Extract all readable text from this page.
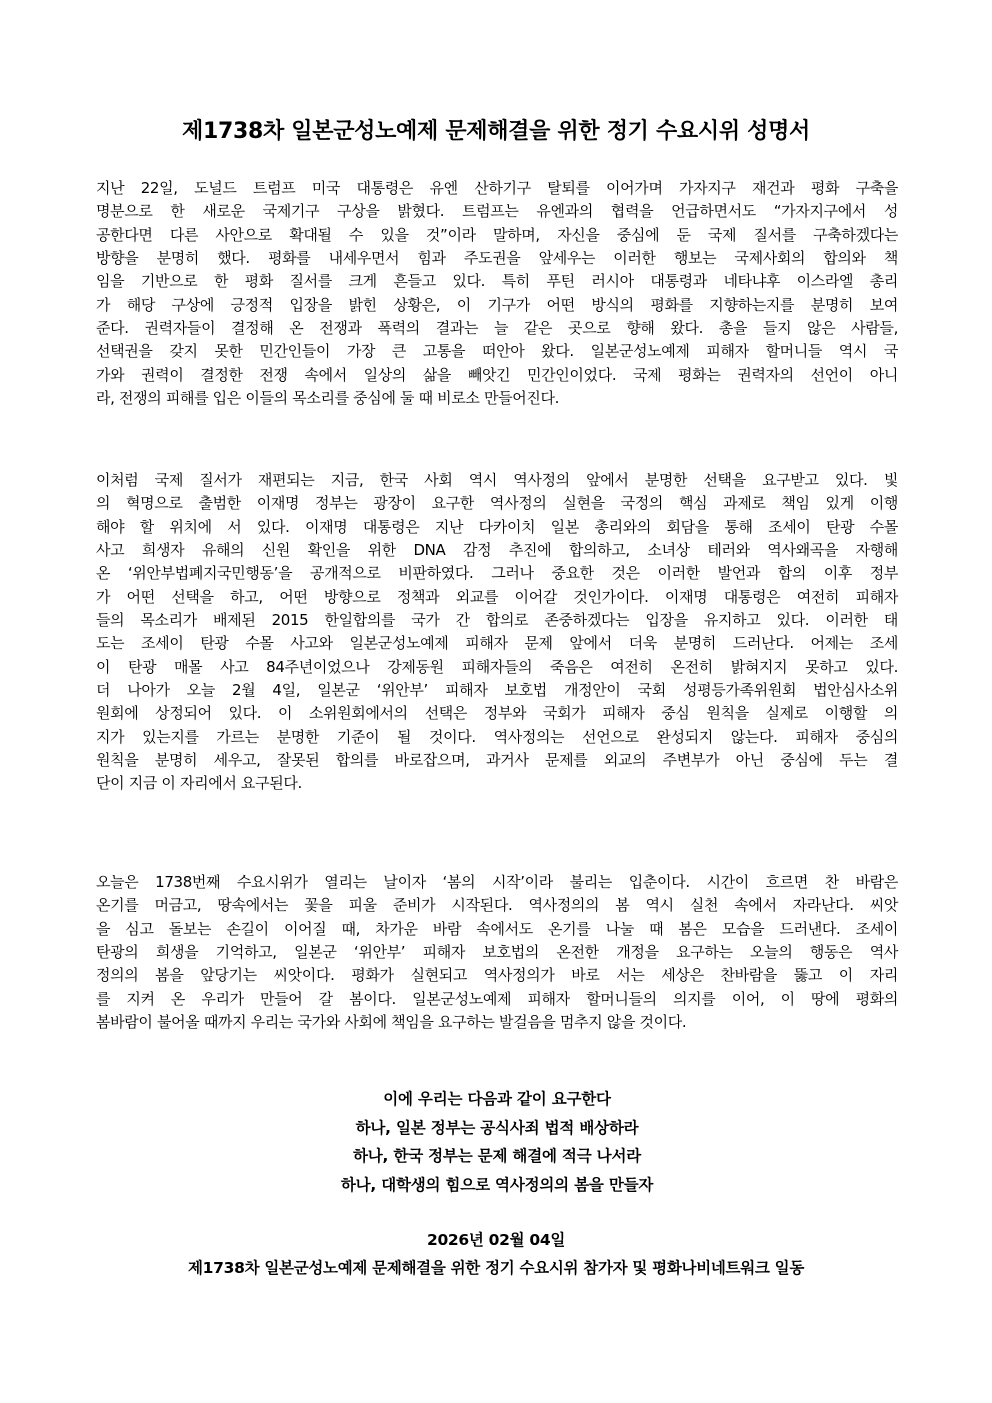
제1738차 일본군성노예제 문제해결을 위한 정기 수요시위 성명서
지난 22일, 도널드 트럼프 미국 대통령은 유엔 산하기구 탈퇴를 이어가며 가자지구 재건과 평화 구축을
명분으로 한 새로운 국제기구 구상을 밝혔다. 트럼프는 유엔과의 협력을 언급하면서도 “가자지구에서 성
공한다면 다른 사안으로 확대될 수 있을 것”이라 말하며, 자신을 중심에 둔 국제 질서를 구축하겠다는
방향을 분명히 했다. 평화를 내세우면서 힘과 주도권을 앞세우는 이러한 행보는 국제사회의 합의와 책
임을 기반으로 한 평화 질서를 크게 흔들고 있다. 특히 푸틴 러시아 대통령과 네타냐후 이스라엘 총리
가 해당 구상에 긍정적 입장을 밝힌 상황은, 이 기구가 어떤 방식의 평화를 지향하는지를 분명히 보여
준다. 권력자들이 결정해 온 전쟁과 폭력의 결과는 늘 같은 곳으로 향해 왔다. 총을 들지 않은 사람들,
선택권을 갖지 못한 민간인들이 가장 큰 고통을 떠안아 왔다. 일본군성노예제 피해자 할머니들 역시 국
가와 권력이 결정한 전쟁 속에서 일상의 삶을 빼앗긴 민간인이었다. 국제 평화는 권력자의 선언이 아니
라, 전쟁의 피해를 입은 이들의 목소리를 중심에 둘 때 비로소 만들어진다.
이처럼 국제 질서가 재편되는 지금, 한국 사회 역시 역사정의 앞에서 분명한 선택을 요구받고 있다. 빛
의 혁명으로 출범한 이재명 정부는 광장이 요구한 역사정의 실현을 국정의 핵심 과제로 책임 있게 이행
해야 할 위치에 서 있다. 이재명 대통령은 지난 다카이치 일본 총리와의 회담을 통해 조세이 탄광 수몰
사고 희생자 유해의 신원 확인을 위한 DNA 감정 추진에 합의하고, 소녀상 테러와 역사왜곡을 자행해
온 ‘위안부법폐지국민행동’을 공개적으로 비판하였다. 그러나 중요한 것은 이러한 발언과 합의 이후 정부
가 어떤 선택을 하고, 어떤 방향으로 정책과 외교를 이어갈 것인가이다. 이재명 대통령은 여전히 피해자
들의 목소리가 배제된 2015 한일합의를 국가 간 합의로 존중하겠다는 입장을 유지하고 있다. 이러한 태
도는 조세이 탄광 수몰 사고와 일본군성노예제 피해자 문제 앞에서 더욱 분명히 드러난다. 어제는 조세
이 탄광 매몰 사고 84주년이었으나 강제동원 피해자들의 죽음은 여전히 온전히 밝혀지지 못하고 있다.
더 나아가 오늘 2월 4일, 일본군 ‘위안부’ 피해자 보호법 개정안이 국회 성평등가족위원회 법안심사소위
원회에 상정되어 있다. 이 소위원회에서의 선택은 정부와 국회가 피해자 중심 원칙을 실제로 이행할 의
지가 있는지를 가르는 분명한 기준이 될 것이다. 역사정의는 선언으로 완성되지 않는다. 피해자 중심의
원칙을 분명히 세우고, 잘못된 합의를 바로잡으며, 과거사 문제를 외교의 주변부가 아닌 중심에 두는 결
단이 지금 이 자리에서 요구된다.
오늘은 1738번째 수요시위가 열리는 날이자 ‘봄의 시작’이라 불리는 입춘이다. 시간이 흐르면 찬 바람은
온기를 머금고, 땅속에서는 꽃을 피울 준비가 시작된다. 역사정의의 봄 역시 실천 속에서 자라난다. 씨앗
을 심고 돌보는 손길이 이어질 때, 차가운 바람 속에서도 온기를 나눌 때 봄은 모습을 드러낸다. 조세이
탄광의 희생을 기억하고, 일본군 ‘위안부’ 피해자 보호법의 온전한 개정을 요구하는 오늘의 행동은 역사
정의의 봄을 앞당기는 씨앗이다. 평화가 실현되고 역사정의가 바로 서는 세상은 찬바람을 뚫고 이 자리
를 지켜 온 우리가 만들어 갈 봄이다. 일본군성노예제 피해자 할머니들의 의지를 이어, 이 땅에 평화의
봄바람이 불어올 때까지 우리는 국가와 사회에 책임을 요구하는 발걸음을 멈추지 않을 것이다.
이에 우리는 다음과 같이 요구한다
하나, 일본 정부는 공식사죄 법적 배상하라
하나, 한국 정부는 문제 해결에 적극 나서라
하나, 대학생의 힘으로 역사정의의 봄을 만들자
2026년 02월 04일
제1738차 일본군성노예제 문제해결을 위한 정기 수요시위 참가자 및 평화나비네트워크 일동
